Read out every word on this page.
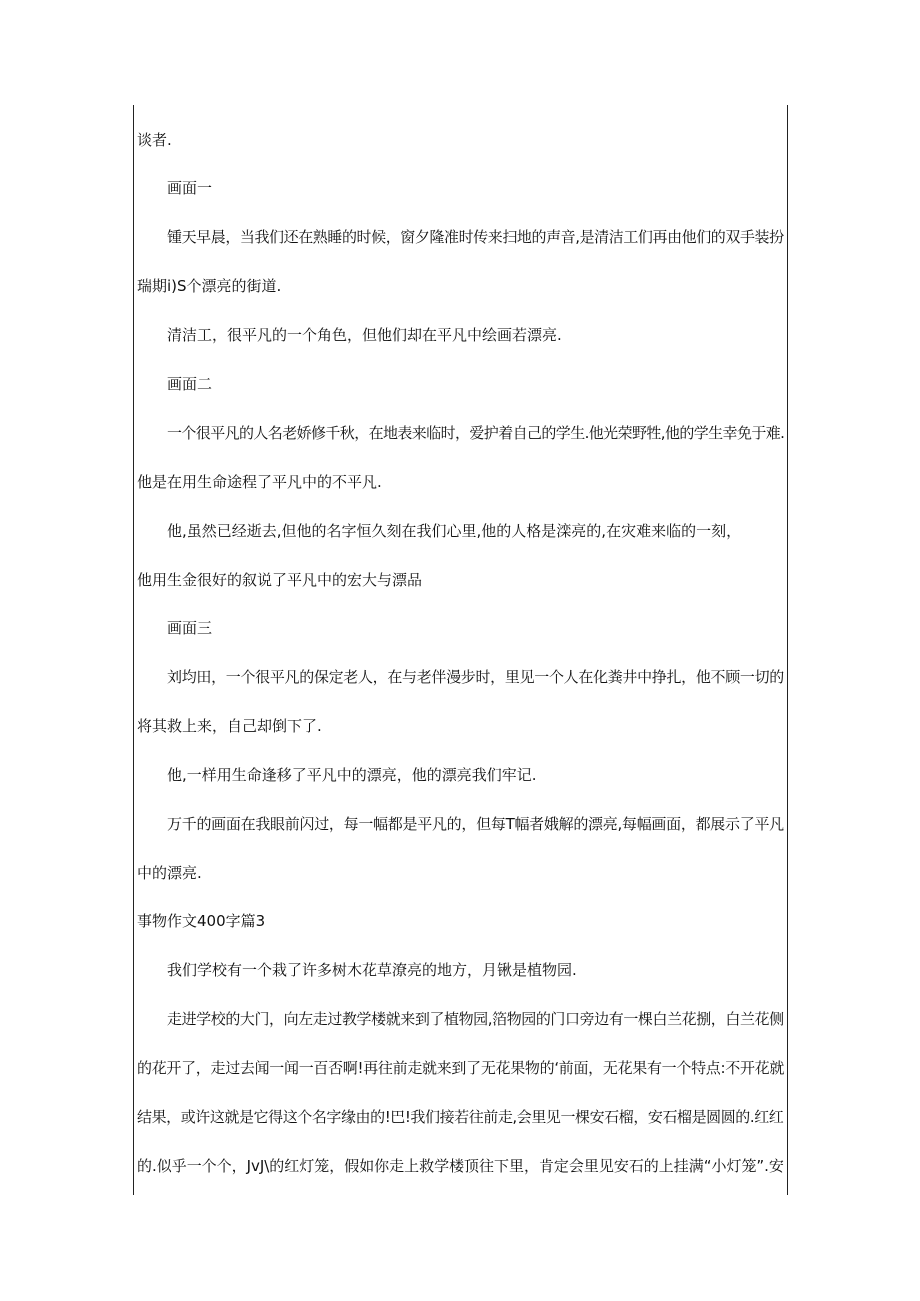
谈者.
画面一
锺天早晨，当我们还在熟睡的时候，窗夕隆准时传来扫地的声音,是清洁工们再由他们的双手装扮
瑞期i)S个漂亮的街道.
清洁工，很平凡的一个角色，但他们却在平凡中绘画若漂亮.
画面二
一个很平凡的人名老娇修千秋，在地表来临时，爱护着自己的学生.他光荣野牲,他的学生幸免于难.
他是在用生命途程了平凡中的不平凡.
他,虽然已经逝去,但他的名字恒久刻在我们心里,他的人格是滦亮的,在灾难来临的一刻，
他用生金很好的叙说了平凡中的宏大与漂品
画面三
刘均田，一个很平凡的保定老人，在与老伴漫步时，里见一个人在化粪井中挣扎，他不顾一切的
将其救上来，自己却倒下了.
他,一样用生命逢移了平凡中的漂亮，他的漂亮我们牢记.
万千的画面在我眼前闪过，每一幅都是平凡的，但每T幅者娥解的漂亮,每幅画面，都展示了平凡
中的漂亮.
事物作文400字篇3
我们学校有一个栽了许多树木花草潦亮的地方，月锹是植物园.
走进学校的大门，向左走过教学楼就来到了植物园,箔物园的门口旁边有一棵白兰花捌，白兰花侧
的花开了，走过去闻一闻一百否啊!再往前走就来到了无花果物的‘前面，无花果有一个特点:不开花就
结果，或许这就是它得这个名字缘由的!巴!我们接若往前走,会里见一棵安石榴，安石榴是圆圆的.红红
的.似乎一个个，JvJ\的红灯笼，假如你走上救学楼顶往下里，肯定会里见安石的上挂满“小灯笼”.安
